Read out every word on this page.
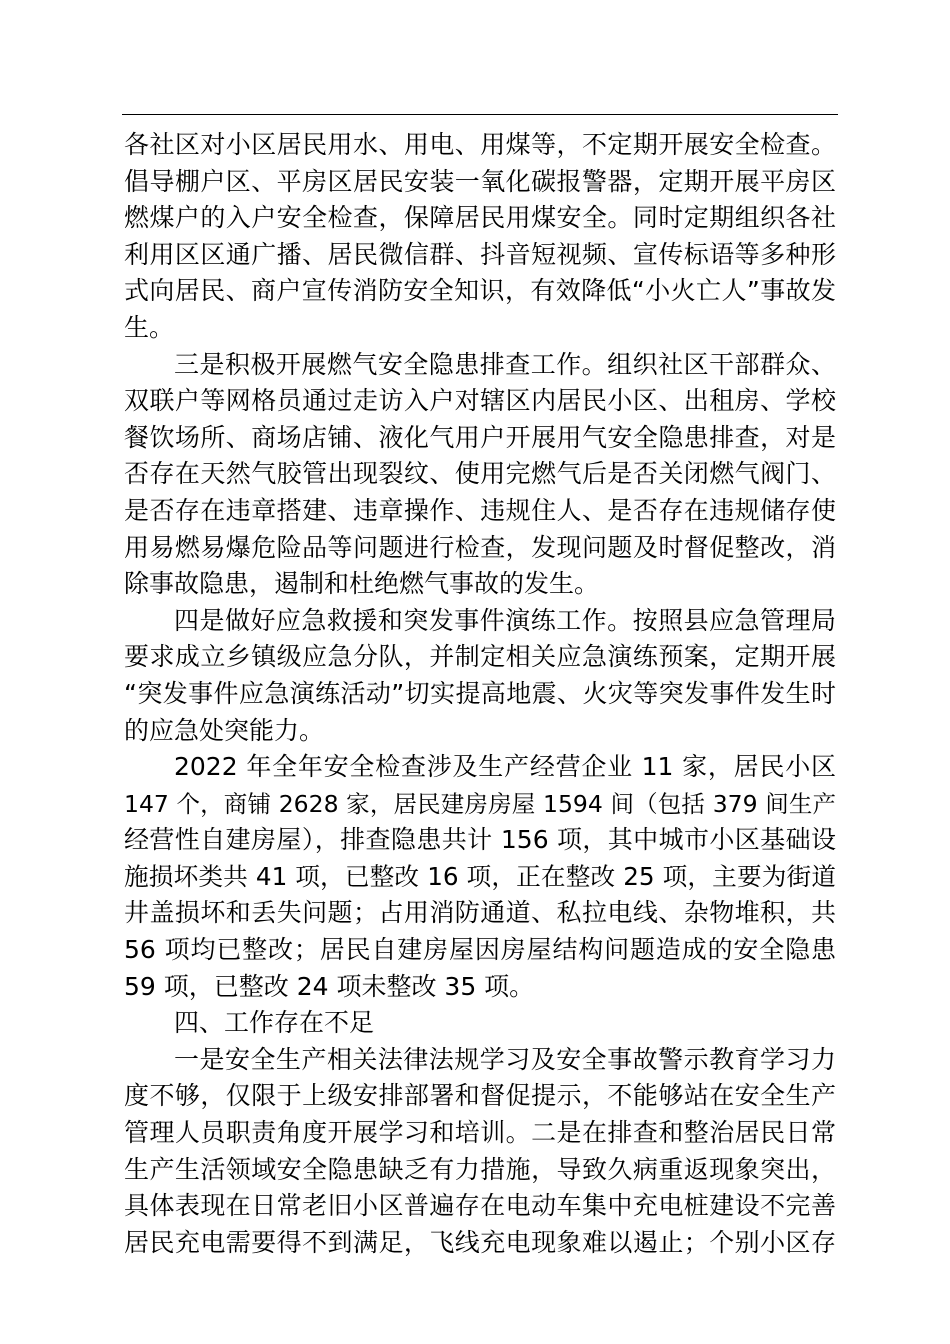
各社区对小区居民用水、用电、用煤等，不定期开展安全检查。
倡导棚户区、平房区居民安装一氧化碳报警器，定期开展平房区
燃煤户的入户安全检查，保障居民用煤安全。同时定期组织各社
利用区区通广播、居民微信群、抖音短视频、宣传标语等多种形
式向居民、商户宣传消防安全知识，有效降低“小火亡人”事故发
生。
三是积极开展燃气安全隐患排查工作。组织社区干部群众、
双联户等网格员通过走访入户对辖区内居民小区、出租房、学校
餐饮场所、商场店铺、液化气用户开展用气安全隐患排查，对是
否存在天然气胶管出现裂纹、使用完燃气后是否关闭燃气阀门、
是否存在违章搭建、违章操作、违规住人、是否存在违规储存使
用易燃易爆危险品等问题进行检查，发现问题及时督促整改，消
除事故隐患，遏制和杜绝燃气事故的发生。
四是做好应急救援和突发事件演练工作。按照县应急管理局
要求成立乡镇级应急分队，并制定相关应急演练预案，定期开展
“突发事件应急演练活动”切实提高地震、火灾等突发事件发生时
的应急处突能力。
2022 年全年安全检查涉及生产经营企业 11 家，居民小区
147 个，商铺 2628 家，居民建房房屋 1594 间（包括 379 间生产
经营性自建房屋），排查隐患共计 156 项，其中城市小区基础设
施损坏类共 41 项，已整改 16 项，正在整改 25 项，主要为街道
井盖损坏和丢失问题；占用消防通道、私拉电线、杂物堆积，共
56 项均已整改；居民自建房屋因房屋结构问题造成的安全隐患
59 项，已整改 24 项未整改 35 项。
四、工作存在不足
一是安全生产相关法律法规学习及安全事故警示教育学习力
度不够，仅限于上级安排部署和督促提示，不能够站在安全生产
管理人员职责角度开展学习和培训。二是在排查和整治居民日常
生产生活领域安全隐患缺乏有力措施，导致久病重返现象突出，
具体表现在日常老旧小区普遍存在电动车集中充电桩建设不完善
居民充电需要得不到满足，飞线充电现象难以遏止；个别小区存
